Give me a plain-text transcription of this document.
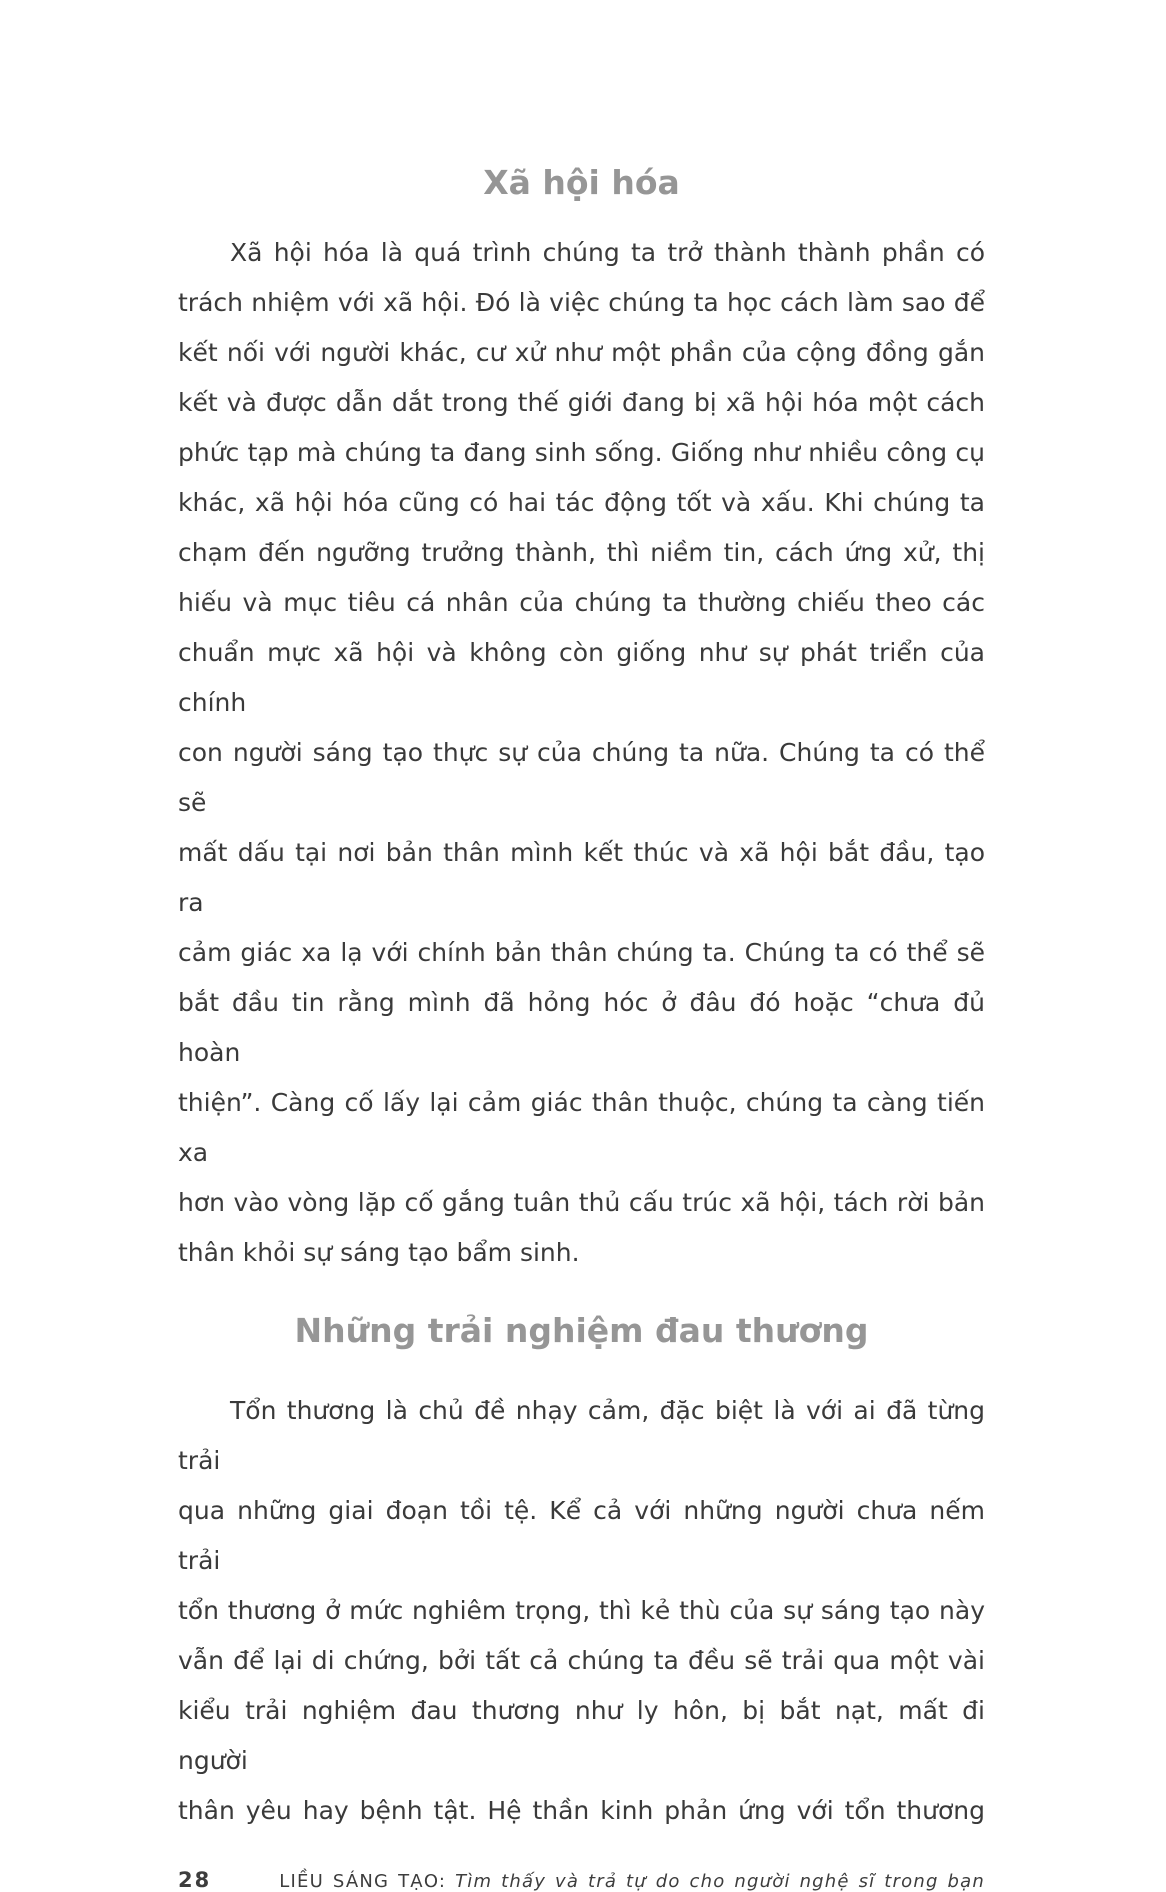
Xã hội hóa
Xã hội hóa là quá trình chúng ta trở thành thành phần có
trách nhiệm với xã hội. Đó là việc chúng ta học cách làm sao để
kết nối với người khác, cư xử như một phần của cộng đồng gắn
kết và được dẫn dắt trong thế giới đang bị xã hội hóa một cách
phức tạp mà chúng ta đang sinh sống. Giống như nhiều công cụ
khác, xã hội hóa cũng có hai tác động tốt và xấu. Khi chúng ta
chạm đến ngưỡng trưởng thành, thì niềm tin, cách ứng xử, thị
hiếu và mục tiêu cá nhân của chúng ta thường chiếu theo các
chuẩn mực xã hội và không còn giống như sự phát triển của chính
con người sáng tạo thực sự của chúng ta nữa. Chúng ta có thể sẽ
mất dấu tại nơi bản thân mình kết thúc và xã hội bắt đầu, tạo ra
cảm giác xa lạ với chính bản thân chúng ta. Chúng ta có thể sẽ
bắt đầu tin rằng mình đã hỏng hóc ở đâu đó hoặc “chưa đủ hoàn
thiện”. Càng cố lấy lại cảm giác thân thuộc, chúng ta càng tiến xa
hơn vào vòng lặp cố gắng tuân thủ cấu trúc xã hội, tách rời bản
thân khỏi sự sáng tạo bẩm sinh.
Những trải nghiệm đau thương
Tổn thương là chủ đề nhạy cảm, đặc biệt là với ai đã từng trải
qua những giai đoạn tồi tệ. Kể cả với những người chưa nếm trải
tổn thương ở mức nghiêm trọng, thì kẻ thù của sự sáng tạo này
vẫn để lại di chứng, bởi tất cả chúng ta đều sẽ trải qua một vài
kiểu trải nghiệm đau thương như ly hôn, bị bắt nạt, mất đi người
thân yêu hay bệnh tật. Hệ thần kinh phản ứng với tổn thương
28	LIỀU SÁNG TẠO: Tìm thấy và trả tự do cho người nghệ sĩ trong bạn
